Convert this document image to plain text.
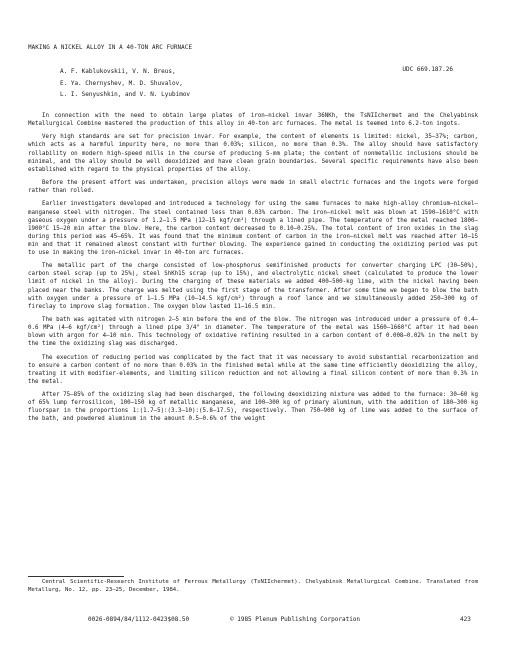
MAKING A NICKEL ALLOY IN A 40-TON ARC FURNACE
A. F. Kablukovskii, V. N. Breus,
E. Ya. Chernyshev, M. D. Shuvalov,
L. I. Senyushkin, and V. N. Lyubimov
UDC 669.187.26

In connection with the need to obtain large plates of iron–nickel invar 36NKh, the TsNIIchermet and the Chelyabinsk Metallurgical Combine mastered the production of this alloy in 40-ton arc furnaces. The metal is teemed into 6.2-ton ingots.

Very high standards are set for precision invar. For example, the content of elements is limited: nickel, 35–37%; carbon, which acts as a harmful impurity here, no more than 0.03%; silicon, no more than 0.3%. The alloy should have satisfactory rollability on modern high-speed mills in the course of producing 5-mm plate; the content of nonmetallic inclusions should be minimal, and the alloy should be well deoxidized and have clean grain boundaries. Several specific requirements have also been established with regard to the physical properties of the alloy.

Before the present effort was undertaken, precision alloys were made in small electric furnaces and the ingots were forged rather than rolled.

Earlier investigators developed and introduced a technology for using the same furnaces to make high-alloy chromium–nickel–manganese steel with nitrogen. The steel contained less than 0.03% carbon. The iron–nickel melt was blown at 1590–1610°C with gaseous oxygen under a pressure of 1.2–1.5 MPa (12–15 kgf/cm²) through a lined pipe. The temperature of the metal reached 1800–1900°C 15–20 min after the blow. Here, the carbon content decreased to 0.10–0.25%. The total content of iron oxides in the slag during this period was 45–65%. It was found that the minimum content of carbon in the iron–nickel melt was reached after 10–15 min and that it remained almost constant with further blowing. The experience gained in conducting the oxidizing period was put to use in making the iron–nickel invar in 40-ton arc furnaces.

The metallic part of the charge consisted of low-phosphorus semifinished products for converter charging LPC (30–50%), carbon steel scrap (up to 25%), steel ShKh15 scrap (up to 15%), and electrolytic nickel sheet (calculated to produce the lower limit of nickel in the alloy). During the charging of these materials we added 400–500-kg lime, with the nickel having been placed near the banks. The charge was melted using the first stage of the transformer. After some time we began to blow the bath with oxygen under a pressure of 1–1.5 MPa (10–14.5 kgf/cm²) through a roof lance and we simultaneously added 250–300 kg of fireclay to improve slag formation. The oxygen blow lasted 11–16.5 min.

The bath was agitated with nitrogen 2–5 min before the end of the blow. The nitrogen was introduced under a pressure of 0.4–0.6 MPa (4–6 kgf/cm²) through a lined pipe 3/4" in diameter. The temperature of the metal was 1560–1660°C after it had been blown with argon for 4–10 min. This technology of oxidative refining resulted in a carbon content of 0.008–0.02% in the melt by the time the oxidizing slag was discharged.

The execution of reducing period was complicated by the fact that it was necessary to avoid substantial recarbonization and to ensure a carbon content of no more than 0.03% in the finished metal while at the same time efficiently deoxidizing the alloy, treating it with modifier-elements, and limiting silicon reduction and not allowing a final silicon content of more than 0.3% in the metal.

After 75–85% of the oxidizing slag had been discharged, the following deoxidizing mixture was added to the furnace: 30–60 kg of 65% lump ferrosilicon, 100–150 kg of metallic manganese, and 100–300 kg of primary aluminum, with the addition of 180–300 kg fluorspar in the proportions 1:(1.7–5):(3.3–10):(5.8–17.5), respectively. Then 750–900 kg of lime was added to the surface of the bath, and powdered aluminum in the amount 0.5–0.6% of the weight

Central Scientific-Research Institute of Ferrous Metallurgy (TsNIIchermet). Chelyabinsk Metallurgical Combine. Translated from Metallurg, No. 12, pp. 23–25, December, 1984.
0026-0894/84/1112-0423$08.50	© 1985 Plenum Publishing Corporation	423
